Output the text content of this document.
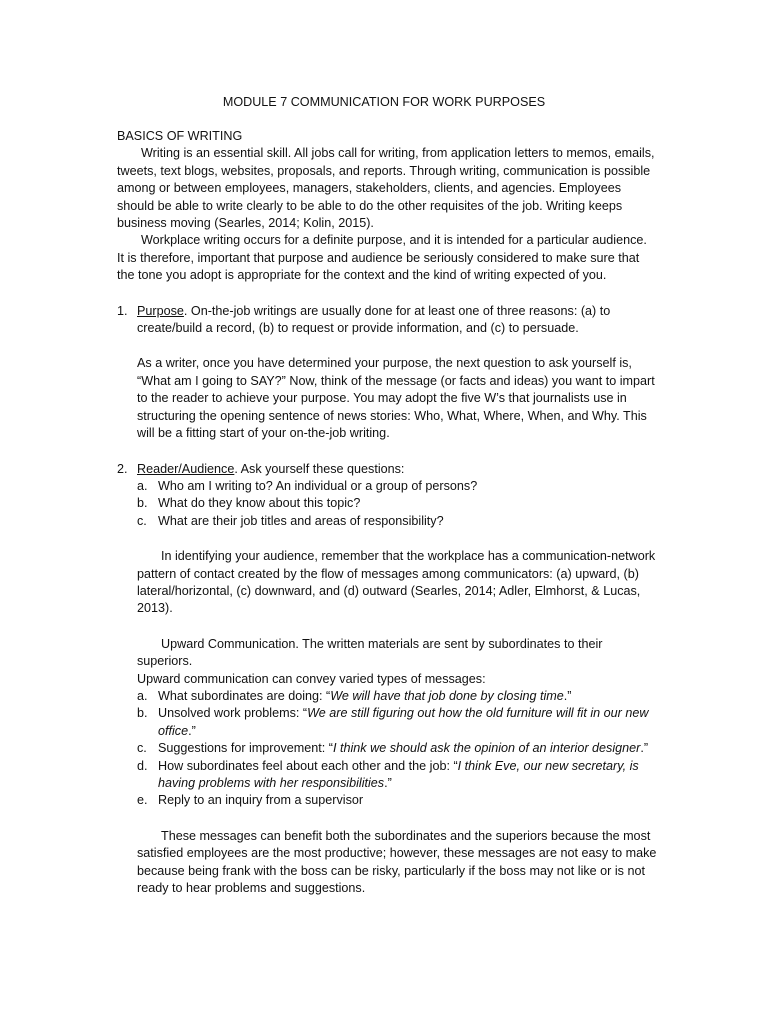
MODULE 7 COMMUNICATION FOR WORK PURPOSES

BASICS OF WRITING

Writing is an essential skill. All jobs call for writing, from application letters to memos, emails, tweets, text blogs, websites, proposals, and reports. Through writing, communication is possible among or between employees, managers, stakeholders, clients, and agencies. Employees should be able to write clearly to be able to do the other requisites of the job. Writing keeps business moving (Searles, 2014; Kolin, 2015).

Workplace writing occurs for a definite purpose, and it is intended for a particular audience. It is therefore, important that purpose and audience be seriously considered to make sure that the tone you adopt is appropriate for the context and the kind of writing expected of you.

1. Purpose. On-the-job writings are usually done for at least one of three reasons: (a) to create/build a record, (b) to request or provide information, and (c) to persuade.

As a writer, once you have determined your purpose, the next question to ask yourself is, “What am I going to SAY?” Now, think of the message (or facts and ideas) you want to impart to the reader to achieve your purpose. You may adopt the five W’s that journalists use in structuring the opening sentence of news stories: Who, What, Where, When, and Why. This will be a fitting start of your on-the-job writing.

2. Reader/Audience. Ask yourself these questions:

a. Who am I writing to? An individual or a group of persons?
b. What do they know about this topic?
c. What are their job titles and areas of responsibility?

In identifying your audience, remember that the workplace has a communication-network pattern of contact created by the flow of messages among communicators: (a) upward, (b) lateral/horizontal, (c) downward, and (d) outward (Searles, 2014; Adler, Elmhorst, & Lucas, 2013).

Upward Communication. The written materials are sent by subordinates to their superiors.

Upward communication can convey varied types of messages:

a. What subordinates are doing: “We will have that job done by closing time.”
b. Unsolved work problems: “We are still figuring out how the old furniture will fit in our new office.”
c. Suggestions for improvement: “I think we should ask the opinion of an interior designer.”
d. How subordinates feel about each other and the job: “I think Eve, our new secretary, is having problems with her responsibilities.”
e. Reply to an inquiry from a supervisor

These messages can benefit both the subordinates and the superiors because the most satisfied employees are the most productive; however, these messages are not easy to make because being frank with the boss can be risky, particularly if the boss may not like or is not ready to hear problems and suggestions.
